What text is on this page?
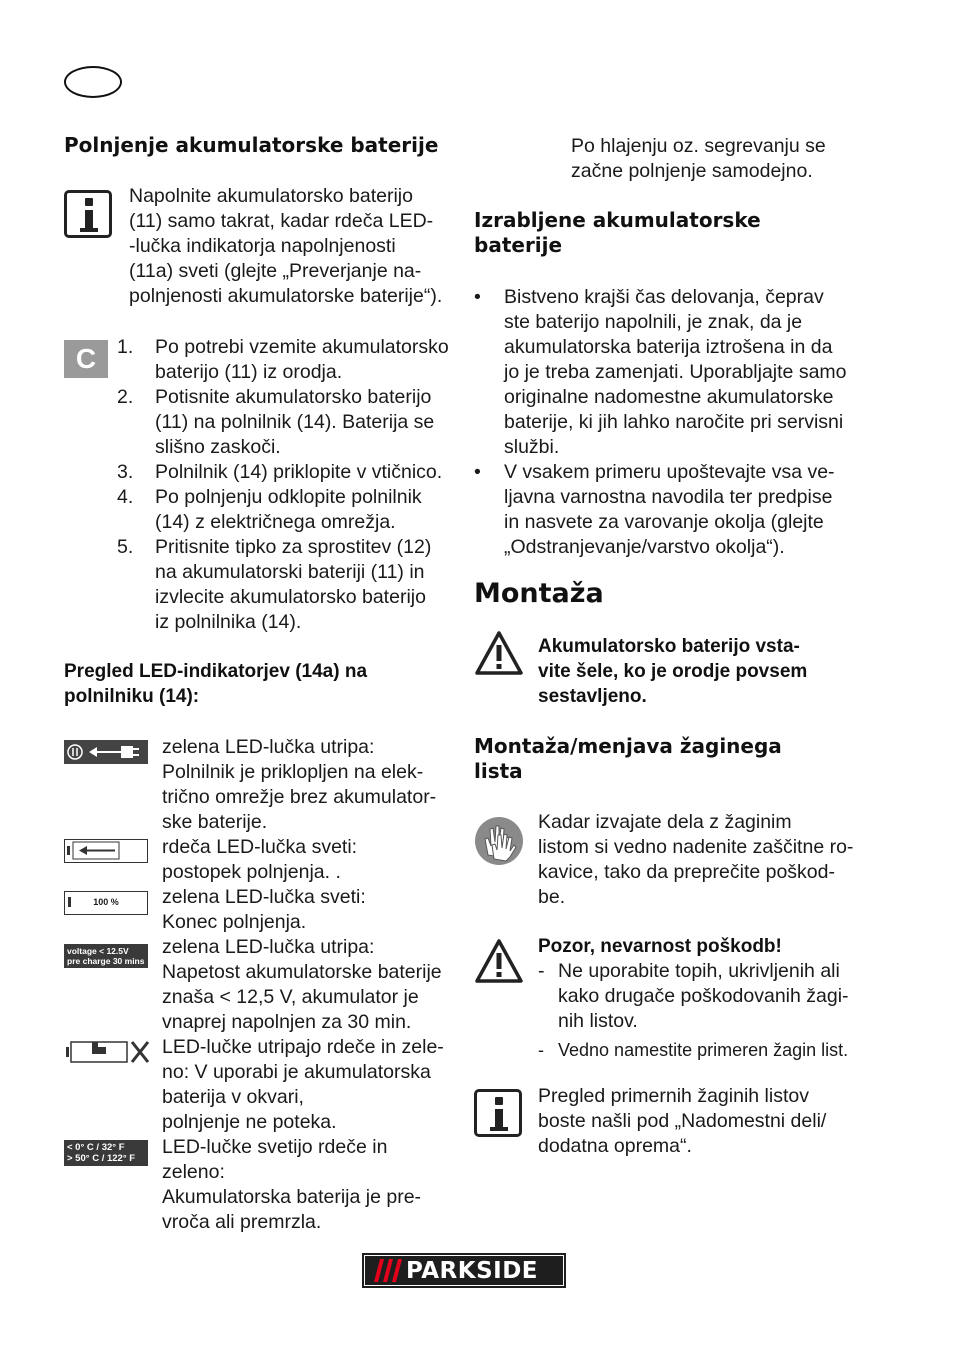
Polnjenje akumulatorske baterije
Napolnite akumulatorsko baterijo
(11) samo takrat, kadar rdeča LED-
-lučka indikatorja napolnjenosti
(11a) sveti (glejte „Preverjanje na-
polnjenosti akumulatorske baterije“).
C	1. Po potrebi vzemite akumulatorsko
baterijo (11) iz orodja.
2. Potisnite akumulatorsko baterijo
(11) na polnilnik (14). Baterija se
slišno zaskoči.
3. Polnilnik (14) priklopite v vtičnico.
4. Po polnjenju odklopite polnilnik
(14) z električnega omrežja.
5. Pritisnite tipko za sprostitev (12)
na akumulatorski bateriji (11) in
izvlecite akumulatorsko baterijo
iz polnilnika (14).
Pregled LED-indikatorjev (14a) na
polnilniku (14):
zelena LED-lučka utripa:
Polnilnik je priklopljen na elek-
trično omrežje brez akumulator-
ske baterije.
rdeča LED-lučka sveti:
postopek polnjenja. .
100 %	zelena LED-lučka sveti:
Konec polnjenja.
voltage < 12.5V
pre charge 30 mins
zelena LED-lučka utripa:
Napetost akumulatorske baterije
znaša < 12,5 V, akumulator je
vnaprej napolnjen za 30 min.
LED-lučke utripajo rdeče in zele-
no: V uporabi je akumulatorska
baterija v okvari,
polnjenje ne poteka.
< 0° C / 32° F
> 50° C / 122° F
LED-lučke svetijo rdeče in zeleno:
Akumulatorska baterija je pre-
vroča ali premrzla.
Po hlajenju oz. segrevanju se
začne polnjenje samodejno.
Izrabljene akumulatorske
baterije
• Bistveno krajši čas delovanja, čeprav
ste baterijo napolnili, je znak, da je
akumulatorska baterija iztrošena in da
jo je treba zamenjati. Uporabljajte samo
originalne nadomestne akumulatorske
baterije, ki jih lahko naročite pri servisni
službi.
• V vsakem primeru upoštevajte vsa ve-
ljavna varnostna navodila ter predpise
in nasvete za varovanje okolja (glejte
„Odstranjevanje/varstvo okolja“).
Montaža
Akumulatorsko baterijo vsta-
vite šele, ko je orodje povsem
sestavljeno.
Montaža/menjava žaginega
lista
Kadar izvajate dela z žaginim
listom si vedno nadenite zaščitne ro-
kavice, tako da preprečite poškod-
be.
Pozor, nevarnost poškodb!
- Ne uporabite topih, ukrivljenih ali
kako drugače poškodovanih žagi-
nih listov.
- Vedno namestite primeren žagin list.
Pregled primernih žaginih listov
boste našli pod „Nadomestni deli/
dodatna oprema“.
PARKSIDE
